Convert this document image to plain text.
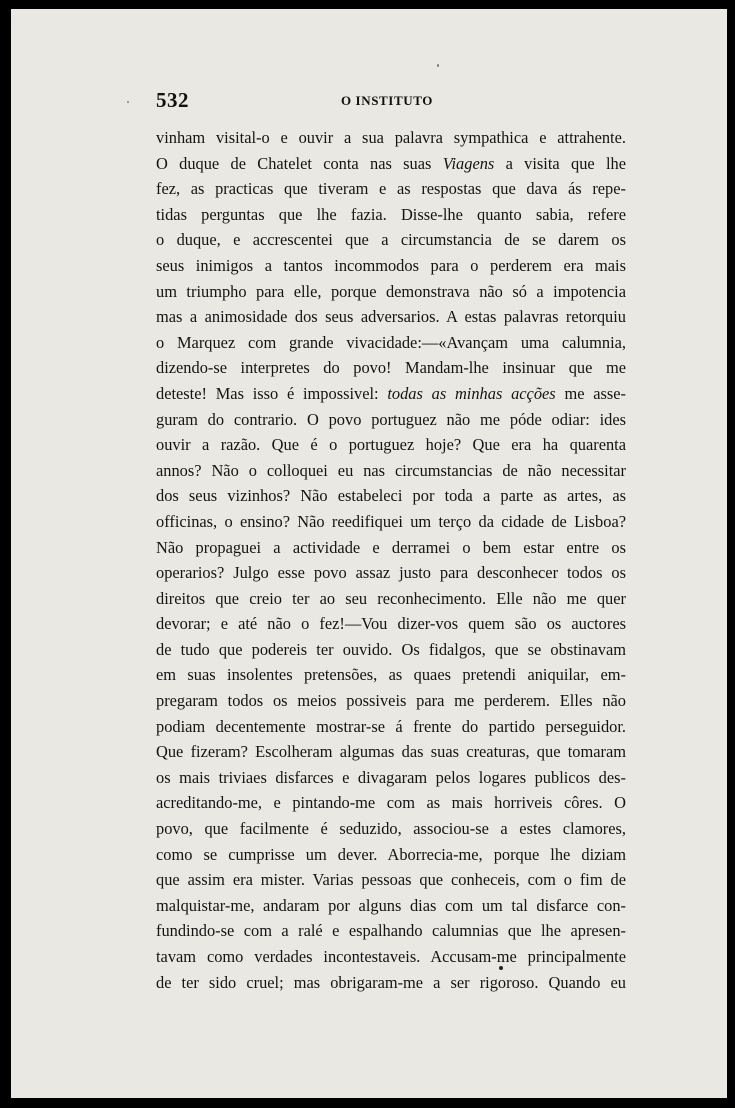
532	O INSTITUTO
vinham visital-o e ouvir a sua palavra sympathica e attrahente.
O duque de Chatelet conta nas suas Viagens a visita que lhe
fez, as practicas que tiveram e as respostas que dava ás repe-
tidas perguntas que lhe fazia. Disse-lhe quanto sabia, refere
o duque, e accrescentei que a circumstancia de se darem os
seus inimigos a tantos incommodos para o perderem era mais
um triumpho para elle, porque demonstrava não só a impotencia
mas a animosidade dos seus adversarios. A estas palavras retorquiu
o Marquez com grande vivacidade:—«Avançam uma calumnia,
dizendo-se interpretes do povo! Mandam-lhe insinuar que me
deteste! Mas isso é impossivel: todas as minhas acções me asse-
guram do contrario. O povo portuguez não me póde odiar: ides
ouvir a razão. Que é o portuguez hoje? Que era ha quarenta
annos? Não o colloquei eu nas circumstancias de não necessitar
dos seus vizinhos? Não estabeleci por toda a parte as artes, as
officinas, o ensino? Não reedifiquei um terço da cidade de Lisboa?
Não propaguei a actividade e derramei o bem estar entre os
operarios? Julgo esse povo assaz justo para desconhecer todos os
direitos que creio ter ao seu reconhecimento. Elle não me quer
devorar; e até não o fez!—Vou dizer-vos quem são os auctores
de tudo que podereis ter ouvido. Os fidalgos, que se obstinavam
em suas insolentes pretensões, as quaes pretendi aniquilar, em-
pregaram todos os meios possiveis para me perderem. Elles não
podiam decentemente mostrar-se á frente do partido perseguidor.
Que fizeram? Escolheram algumas das suas creaturas, que tomaram
os mais triviaes disfarces e divagaram pelos logares publicos des-
acreditando-me, e pintando-me com as mais horriveis côres. O
povo, que facilmente é seduzido, associou-se a estes clamores,
como se cumprisse um dever. Aborrecia-me, porque lhe diziam
que assim era mister. Varias pessoas que conheceis, com o fim de
malquistar-me, andaram por alguns dias com um tal disfarce con-
fundindo-se com a ralé e espalhando calumnias que lhe apresen-
tavam como verdades incontestaveis. Accusam-me principalmente
de ter sido cruel; mas obrigaram-me a ser rigoroso. Quando eu
